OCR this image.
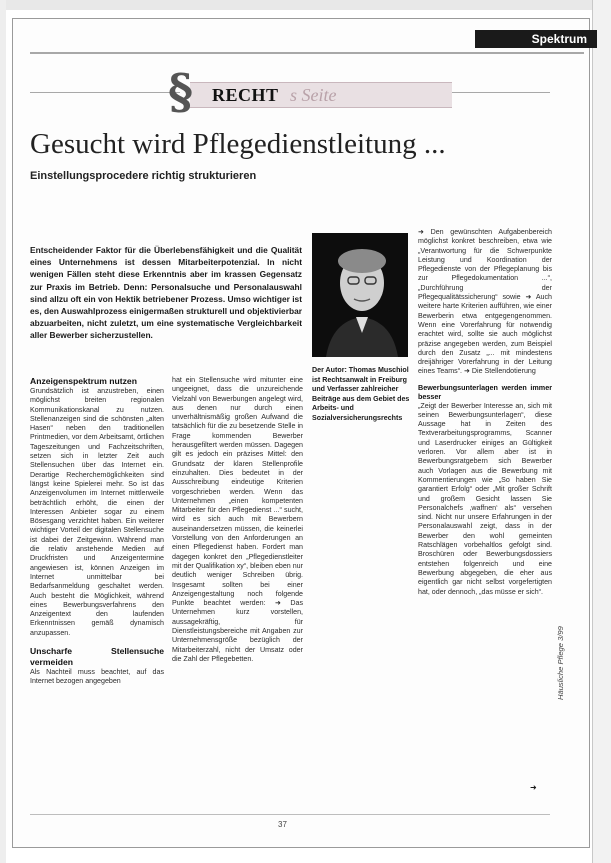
Spektrum
§ RECHT s Seite
Gesucht wird Pflegedienstleitung ...
Einstellungsprocedere richtig strukturieren

Entscheidender Faktor für die Überlebensfähigkeit und die Qualität eines Unternehmens ist dessen Mitarbeiterpotenzial. In nicht wenigen Fällen steht diese Erkenntnis aber im krassen Gegensatz zur Praxis im Betrieb. Denn: Personalsuche und Personalauswahl sind allzu oft ein von Hektik betriebener Prozess. Umso wichtiger ist es, den Auswahlprozess einigermaßen strukturell und objektivierbar abzuarbeiten, nicht zuletzt, um eine systematische Vergleichbarkeit aller Bewerber sicherzustellen.

Der Autor: Thomas Muschiol ist Rechtsanwalt in Freiburg und Verfasser zahlreicher Beiträge aus dem Gebiet des Arbeits- und Sozialversicherungsrechts

Anzeigenspektrum nutzen

Grundsätzlich ist anzustreben, einen möglichst breiten regionalen Kommunikationskanal zu nutzen. Stellenanzeigen sind die schönsten „alten Hasen“ neben den traditionellen Printmedien, vor dem Arbeitsamt, örtlichen Tageszeitungen und Fachzeitschriften, setzen sich in letzter Zeit auch Stellensuchen über das Internet ein. Derartige Recherchemöglichkeiten sind längst keine Spielerei mehr. So ist das Anzeigenvolumen im Internet mittlerweile beträchtlich erhöht, die einen der Interessen Anbieter sogar zu einem Bösesgang verzichtet haben. Ein weiterer wichtiger Vorteil der digitalen Stellensuche ist dabei der Zeitgewinn. Während man die relativ anstehende Medien auf Druckfristen und Anzeigentermine angewiesen ist, können Anzeigen im Internet unmittelbar bei Bedarfsanmeldung geschaltet werden. Auch besteht die Möglichkeit, während eines Bewerbungsverfahrens den Anzeigentext den laufenden Erkenntnissen gemäß dynamisch anzupassen.

Unscharfe Stellensuche vermeiden

Als Nachteil muss beachtet, auf das Internet bezogen angegeben

hat ein Stellensuche wird mitunter eine ungeeignet, dass die unzureichende Vielzahl von Bewerbungen angelegt wird, aus denen nur durch einen unverhältnismäßig großen Aufwand die tatsächlich für die zu besetzende Stelle in Frage kommenden Bewerber herausgefiltert werden müssen. Dagegen gilt es jedoch ein präzises Mittel: den Grundsatz der klaren Stellenprofile einzuhalten. Dies bedeutet in der Ausschreibung eindeutige Kriterien vorgeschrieben werden. Wenn das Unternehmen „einen kompetenten Mitarbeiter für den Pflegedienst ...“ sucht, wird es sich auch mit Bewerbern auseinandersetzen müssen, die keinerlei Vorstellung von den Anforderungen an einen Pflegedienst haben. Fordert man dagegen konkret den „Pflegedienstleiter mit der Qualifikation xy“, bleiben eben nur deutlich weniger Schreiben übrig. Insgesamt sollten bei einer Anzeigengestaltung noch folgende Punkte beachtet werden: ➜ Das Unternehmen kurz vorstellen, aussagekräftig, für Dienstleistungsbereiche mit Angaben zur Unternehmensgröße bezüglich der Mitarbeiterzahl, nicht der Umsatz oder die Zahl der Pflegebetten.

➜ Den gewünschten Aufgabenbereich möglichst konkret beschreiben, etwa wie „Verantwortung für die Schwerpunkte Leistung und Koordination der Pflegedienste von der Pflegeplanung bis zur Pflegedokumentation ...“, „Durchführung der Pflegequalitätssicherung“ sowie ➜ Auch weitere harte Kriterien aufführen, wie einer Bewerberin etwa entgegengenommen. Wenn eine Vorerfahrung für notwendig erachtet wird, sollte sie auch möglichst präzise angegeben werden, zum Beispiel durch den Zusatz „... mit mindestens dreijähriger Vorerfahrung in der Leitung eines Teams“. ➜ Die Stellendotierung

Bewerbungsunterlagen werden immer besser

„Zeigt der Bewerber Interesse an, sich mit seinen Bewerbungsunterlagen“, diese Aussage hat in Zeiten des Textverarbeitungsprogramms, Scanner und Laserdrucker einiges an Gültigkeit verloren. Vor allem aber ist in Bewerbungsratgebern sich Bewerber auch Vorlagen aus die Bewerbung mit Kommentierungen wie „So haben Sie garantiert Erfolg“ oder „Mit großer Schrift und großem Gesicht lassen Sie Personalchefs ‚waffnen‘ als“ versehen sind. Nicht nur unsere Erfahrungen in der Personalauswahl zeigt, dass in der Bewerber den wohl gemeinten Ratschlägen vorbehaltlos gefolgt sind. Broschüren oder Bewerbungsdossiers entstehen folgenreich und eine Bewerbung abgegeben, die eher aus eigentlich gar nicht selbst vorgefertigten hat, oder dennoch, „das müsse er sich“.

➜
Häusliche Pflege 3/99
37
